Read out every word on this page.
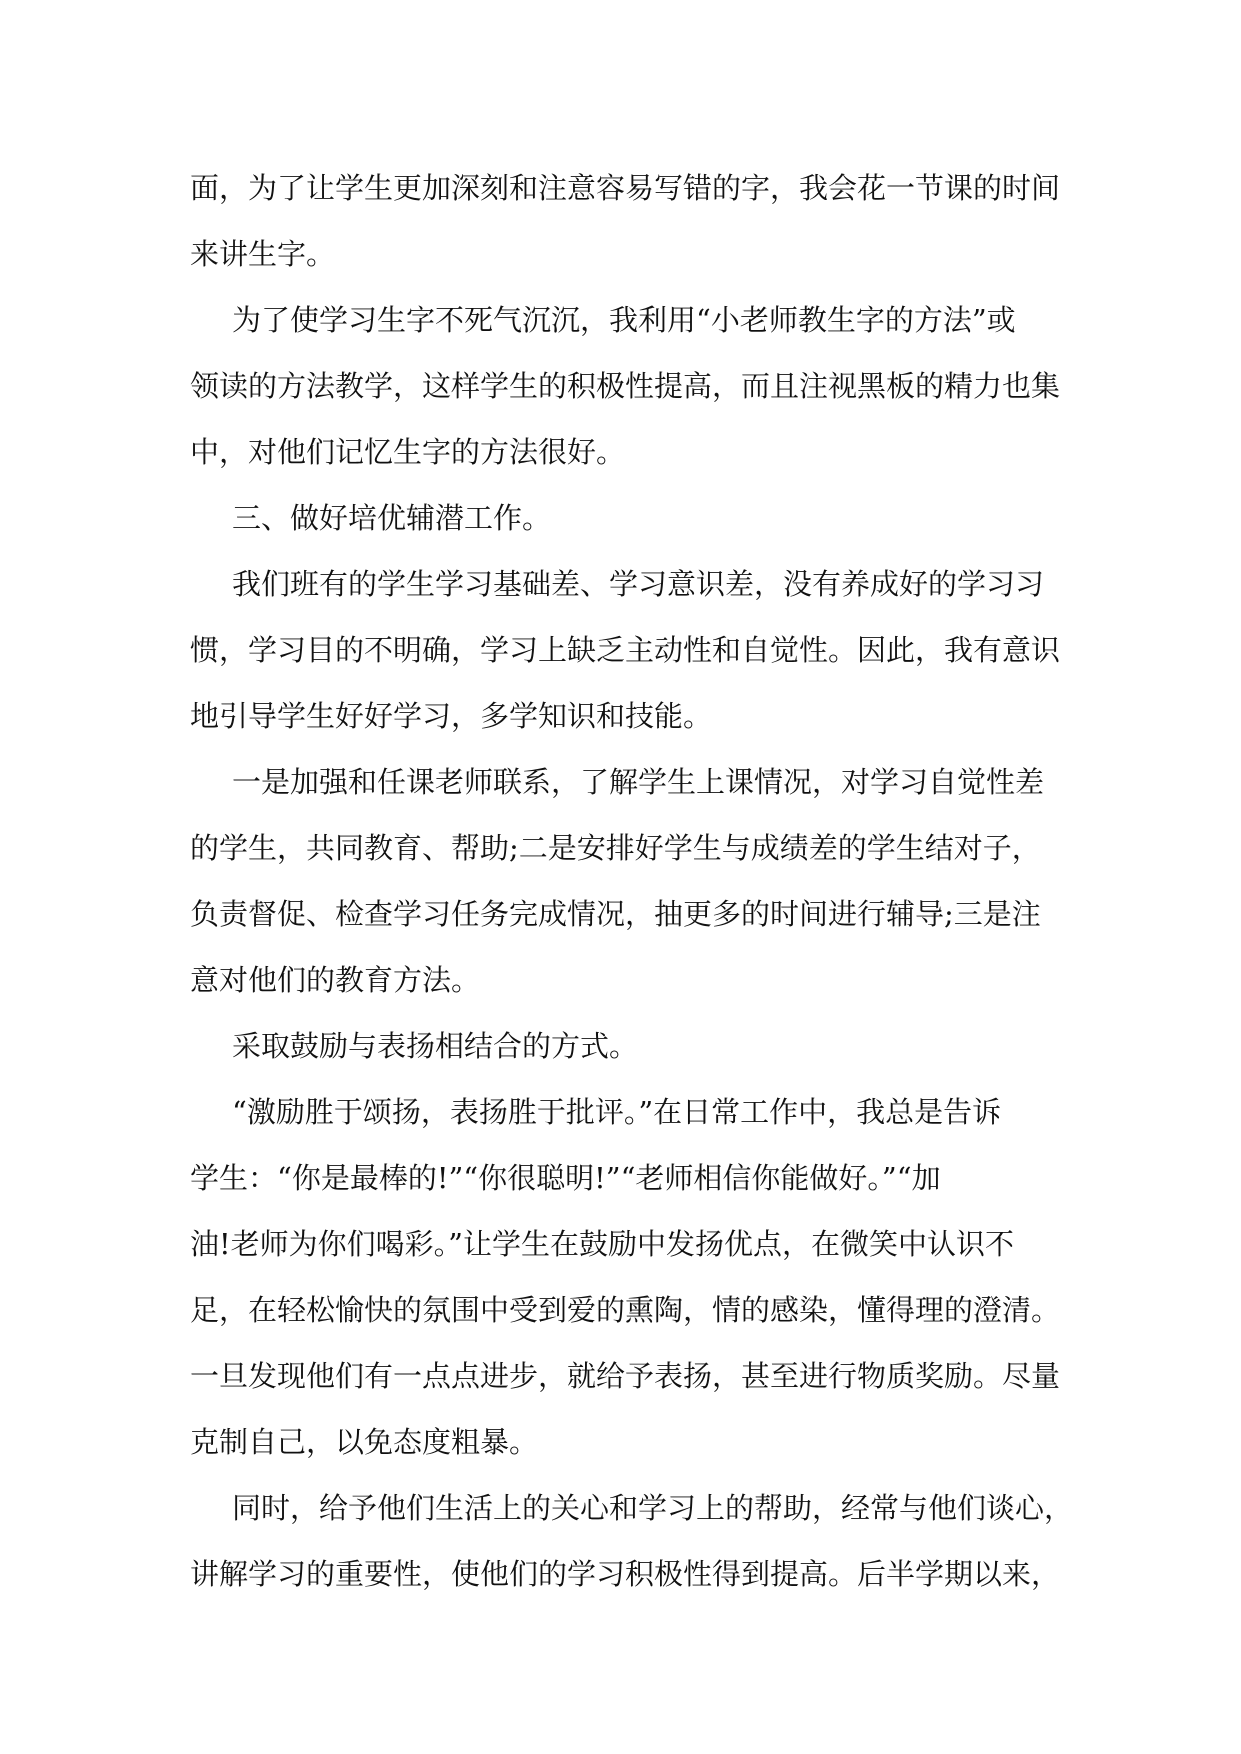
面，为了让学生更加深刻和注意容易写错的字，我会花一节课的时间
来讲生字。

为了使学习生字不死气沉沉，我利用“小老师教生字的方法”或
领读的方法教学，这样学生的积极性提高，而且注视黑板的精力也集
中，对他们记忆生字的方法很好。

三、做好培优辅潜工作。

我们班有的学生学习基础差、学习意识差，没有养成好的学习习
惯，学习目的不明确，学习上缺乏主动性和自觉性。因此，我有意识
地引导学生好好学习，多学知识和技能。

一是加强和任课老师联系，了解学生上课情况，对学习自觉性差
的学生，共同教育、帮助;二是安排好学生与成绩差的学生结对子，
负责督促、检查学习任务完成情况，抽更多的时间进行辅导;三是注
意对他们的教育方法。

采取鼓励与表扬相结合的方式。

“激励胜于颂扬，表扬胜于批评。”在日常工作中，我总是告诉
学生：“你是最棒的!”“你很聪明!”“老师相信你能做好。”“加
油!老师为你们喝彩。”让学生在鼓励中发扬优点，在微笑中认识不
足，在轻松愉快的氛围中受到爱的熏陶，情的感染，懂得理的澄清。
一旦发现他们有一点点进步，就给予表扬，甚至进行物质奖励。尽量
克制自己，以免态度粗暴。

同时，给予他们生活上的关心和学习上的帮助，经常与他们谈心，
讲解学习的重要性，使他们的学习积极性得到提高。后半学期以来，
